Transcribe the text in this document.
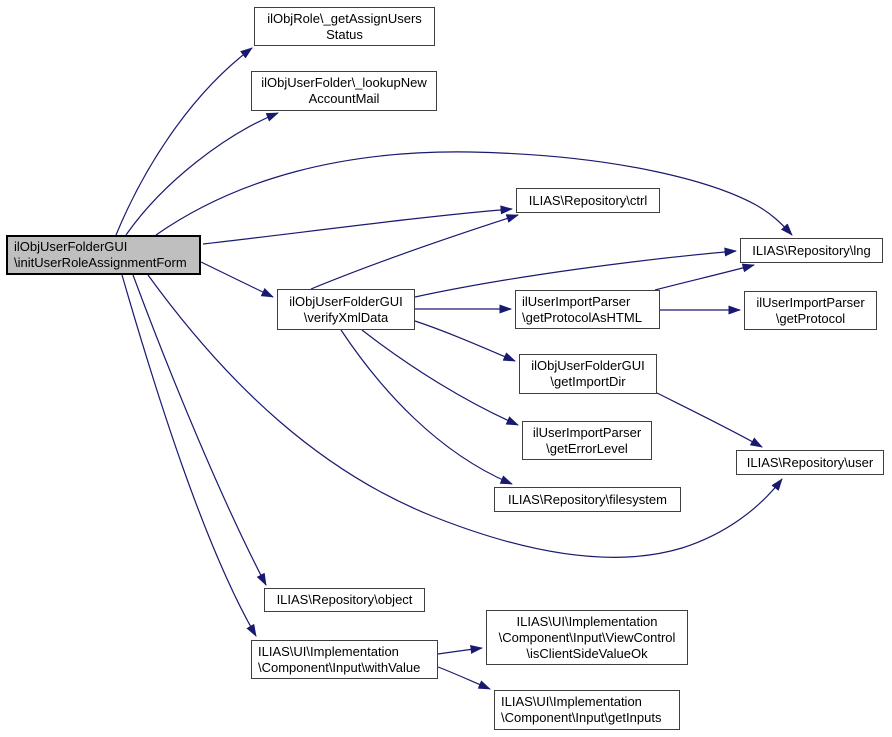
ilObjUserFolderGUI
\initUserRoleAssignmentForm
ilObjRole\_getAssignUsers
Status
ilObjUserFolder\_lookupNew
AccountMail
ILIAS\Repository\ctrl
ILIAS\Repository\lng
ilObjUserFolderGUI
\verifyXmlData
ilUserImportParser
\getProtocolAsHTML
ilUserImportParser
\getProtocol
ilObjUserFolderGUI
\getImportDir
ilUserImportParser
\getErrorLevel
ILIAS\Repository\user
ILIAS\Repository\filesystem
ILIAS\Repository\object
ILIAS\UI\Implementation
\Component\Input\withValue
ILIAS\UI\Implementation
\Component\Input\ViewControl
\isClientSideValueOk
ILIAS\UI\Implementation
\Component\Input\getInputs
